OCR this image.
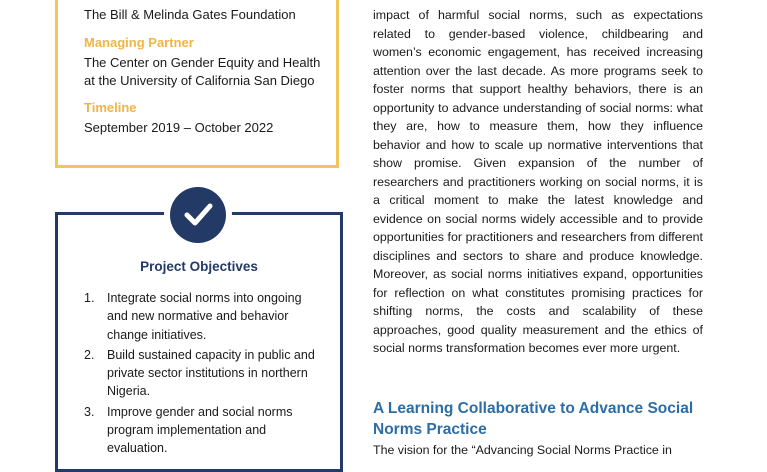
The Bill & Melinda Gates Foundation
Managing Partner
The Center on Gender Equity and Health
at the University of California San Diego
Timeline
September 2019 – October 2022
Project Objectives
1. Integrate social norms into ongoing and new normative and behavior change initiatives.
2. Build sustained capacity in public and private sector institutions in northern Nigeria.
3. Improve gender and social norms program implementation and evaluation.

impact of harmful social norms, such as expectations related to gender-based violence, childbearing and women’s economic engagement, has received increasing attention over the last decade. As more programs seek to foster norms that support healthy behaviors, there is an opportunity to advance understanding of social norms: what they are, how to measure them, how they influence behavior and how to scale up normative interventions that show promise. Given expansion of the number of researchers and practitioners working on social norms, it is a critical moment to make the latest knowledge and evidence on social norms widely accessible and to provide opportunities for practitioners and researchers from different disciplines and sectors to share and produce knowledge. Moreover, as social norms initiatives expand, opportunities for reflection on what constitutes promising practices for shifting norms, the costs and scalability of these approaches, good quality measurement and the ethics of social norms transformation becomes ever more urgent.

A Learning Collaborative to Advance Social Norms Practice

The vision for the “Advancing Social Norms Practice in
